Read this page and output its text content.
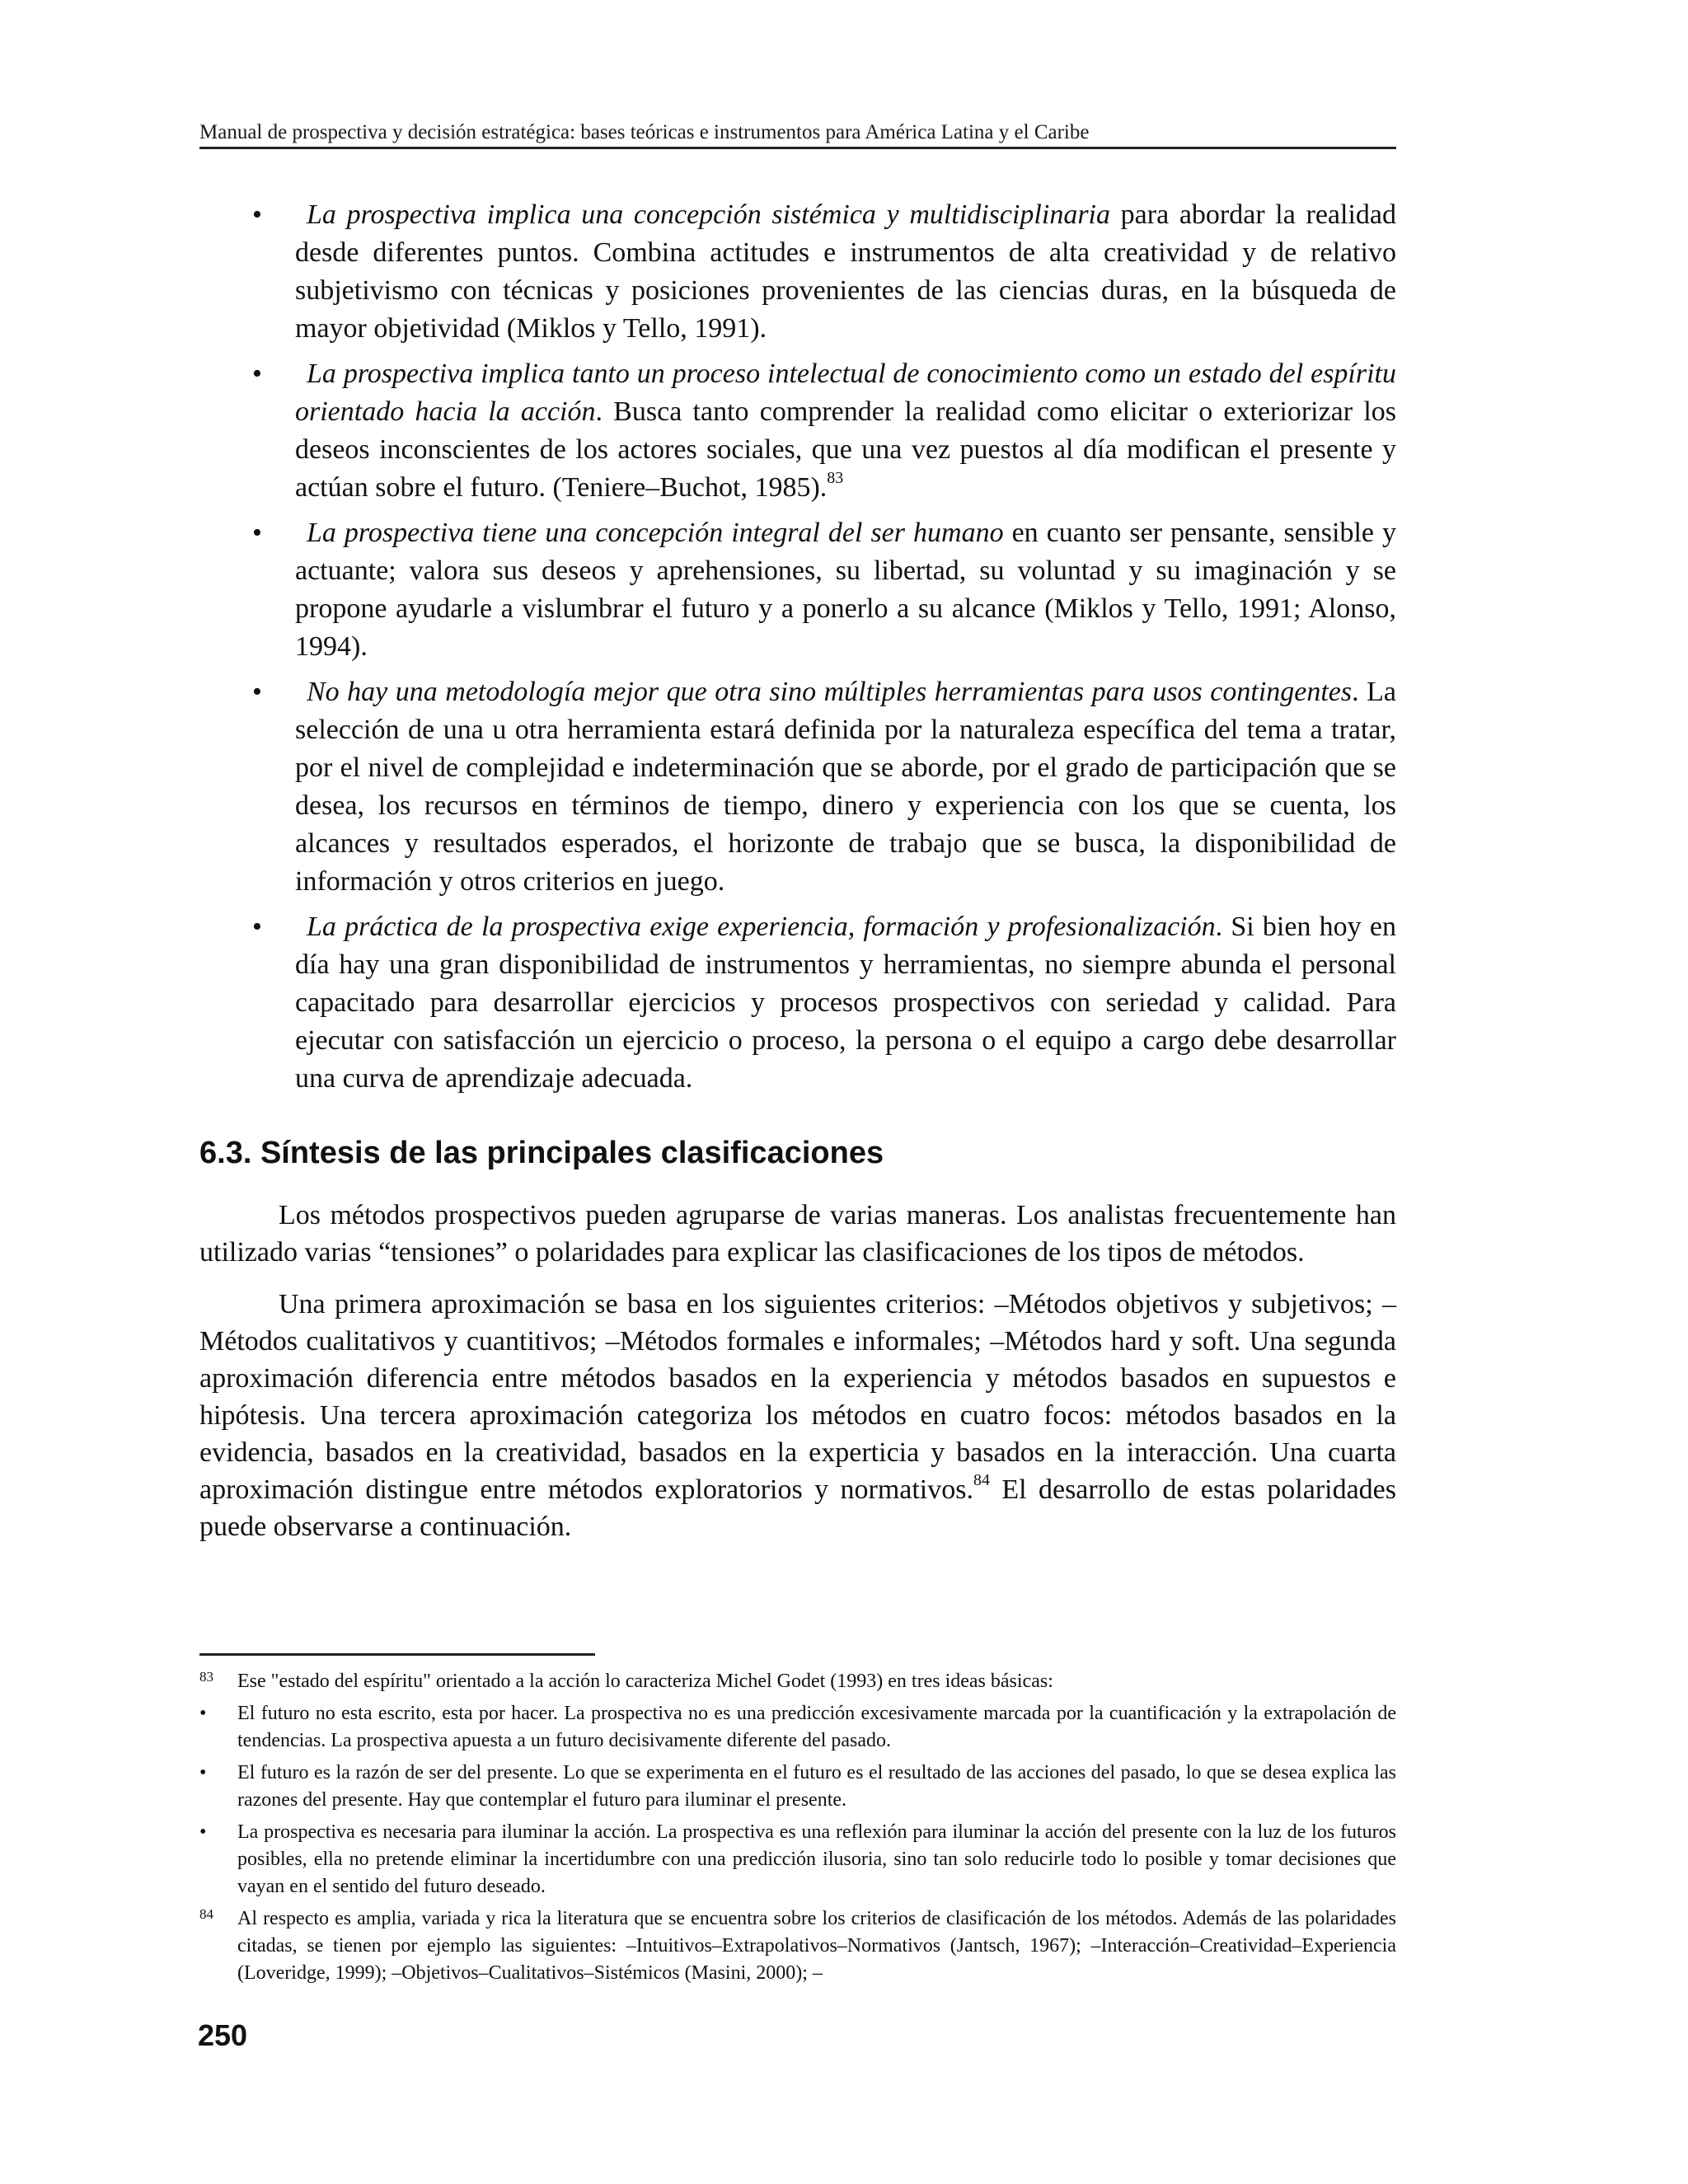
Manual de prospectiva y decisión estratégica: bases teóricas e instrumentos para América Latina y el Caribe
•	La prospectiva implica una concepción sistémica y multidisciplinaria para abordar la realidad desde diferentes puntos. Combina actitudes e instrumentos de alta creatividad y de relativo subjetivismo con técnicas y posiciones provenientes de las ciencias duras, en la búsqueda de mayor objetividad (Miklos y Tello, 1991).
•	La prospectiva implica tanto un proceso intelectual de conocimiento como un estado del espíritu orientado hacia la acción. Busca tanto comprender la realidad como elicitar o exteriorizar los deseos inconscientes de los actores sociales, que una vez puestos al día modifican el presente y actúan sobre el futuro. (Teniere–Buchot, 1985).$^{83}$
•	La prospectiva tiene una concepción integral del ser humano en cuanto ser pensante, sensible y actuante; valora sus deseos y aprehensiones, su libertad, su voluntad y su imaginación y se propone ayudarle a vislumbrar el futuro y a ponerlo a su alcance (Miklos y Tello, 1991; Alonso, 1994).
•	No hay una metodología mejor que otra sino múltiples herramientas para usos contingentes. La selección de una u otra herramienta estará definida por la naturaleza específica del tema a tratar, por el nivel de complejidad e indeterminación que se aborde, por el grado de participación que se desea, los recursos en términos de tiempo, dinero y experiencia con los que se cuenta, los alcances y resultados esperados, el horizonte de trabajo que se busca, la disponibilidad de información y otros criterios en juego.
•	La práctica de la prospectiva exige experiencia, formación y profesionalización. Si bien hoy en día hay una gran disponibilidad de instrumentos y herramientas, no siempre abunda el personal capacitado para desarrollar ejercicios y procesos prospectivos con seriedad y calidad. Para ejecutar con satisfacción un ejercicio o proceso, la persona o el equipo a cargo debe desarrollar una curva de aprendizaje adecuada.
6.3. Síntesis de las principales clasificaciones

Los métodos prospectivos pueden agruparse de varias maneras. Los analistas frecuentemente han utilizado varias “tensiones” o polaridades para explicar las clasificaciones de los tipos de métodos.

Una primera aproximación se basa en los siguientes criterios: –Métodos objetivos y subjetivos; –Métodos cualitativos y cuantitivos; –Métodos formales e informales; –Métodos hard y soft. Una segunda aproximación diferencia entre métodos basados en la experiencia y métodos basados en supuestos e hipótesis. Una tercera aproximación categoriza los métodos en cuatro focos: métodos basados en la evidencia, basados en la creatividad, basados en la experticia y basados en la interacción. Una cuarta aproximación distingue entre métodos exploratorios y normativos.$^{84}$ El desarrollo de estas polaridades puede observarse a continuación.

83 Ese "estado del espíritu" orientado a la acción lo caracteriza Michel Godet (1993) en tres ideas básicas:
• El futuro no esta escrito, esta por hacer. La prospectiva no es una predicción excesivamente marcada por la cuantificación y la extrapolación de tendencias. La prospectiva apuesta a un futuro decisivamente diferente del pasado.
• El futuro es la razón de ser del presente. Lo que se experimenta en el futuro es el resultado de las acciones del pasado, lo que se desea explica las razones del presente. Hay que contemplar el futuro para iluminar el presente.
• La prospectiva es necesaria para iluminar la acción. La prospectiva es una reflexión para iluminar la acción del presente con la luz de los futuros posibles, ella no pretende eliminar la incertidumbre con una predicción ilusoria, sino tan solo reducirle todo lo posible y tomar decisiones que vayan en el sentido del futuro deseado.
84 Al respecto es amplia, variada y rica la literatura que se encuentra sobre los criterios de clasificación de los métodos. Además de las polaridades citadas, se tienen por ejemplo las siguientes: –Intuitivos–Extrapolativos–Normativos (Jantsch, 1967); –Interacción–Creatividad–Experiencia (Loveridge, 1999); –Objetivos–Cualitativos–Sistémicos (Masini, 2000); –
250
